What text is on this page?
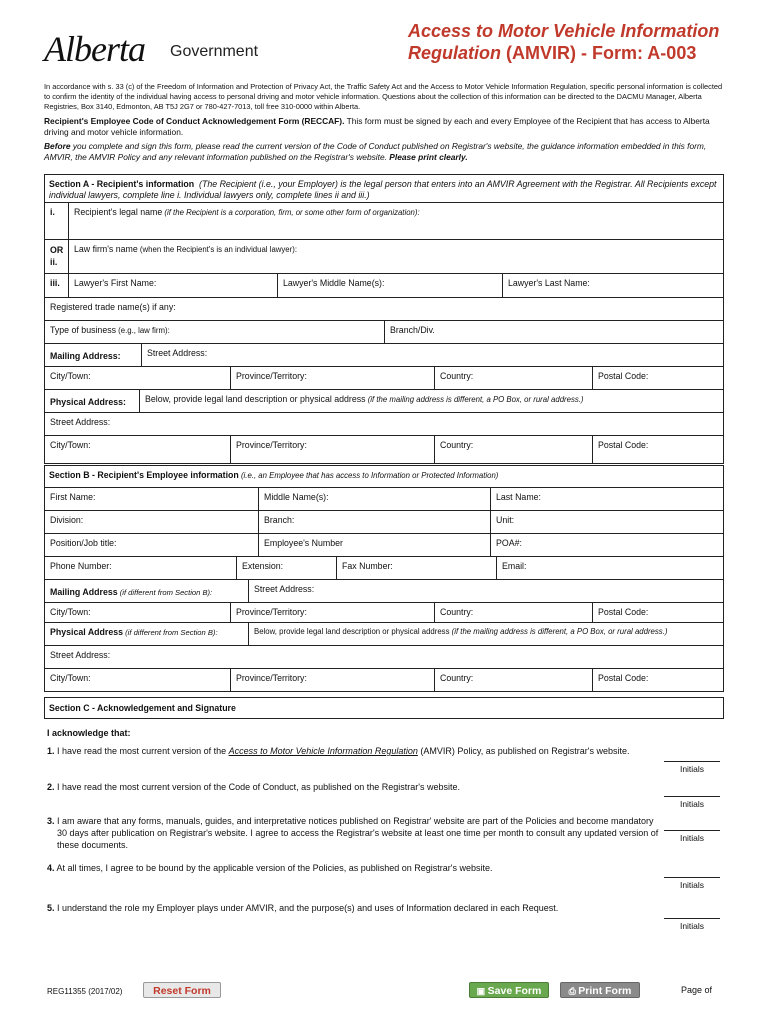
Alberta Government
Access to Motor Vehicle Information
Regulation (AMVIR) - Form: A-003
In accordance with s. 33 (c) of the Freedom of Information and Protection of Privacy Act, the Traffic Safety Act and the Access to Motor Vehicle Information Regulation, specific personal information is collected to confirm the identity of the individual having access to personal driving and motor vehicle information. Questions about the collection of this information can be directed to the DACMU Manager, Alberta Registries, Box 3140, Edmonton, AB T5J 2G7 or 780-427-7013, toll free 310-0000 within Alberta.
Recipient's Employee Code of Conduct Acknowledgement Form (RECCAF). This form must be signed by each and every Employee of the Recipient that has access to Alberta driving and motor vehicle information.
Before you complete and sign this form, please read the current version of the Code of Conduct published on Registrar's website, the guidance information embedded in this form, AMVIR, the AMVIR Policy and any relevant information published on the Registrar's website. Please print clearly.
Section A - Recipient's information (The Recipient (i.e., your Employer) is the legal person that enters into an AMVIR Agreement with the Registrar. All Recipients except individual lawyers, complete line i. Individual lawyers only, complete lines ii and iii.)
i.	Recipient's legal name (if the Recipient is a corporation, firm, or some other form of organization):
OR
ii.
Law firm's name (when the Recipient's is an individual lawyer):
iii.	Lawyer's First Name:	Lawyer's Middle Name(s):	Lawyer's Last Name:
Registered trade name(s) if any:
Type of business (e.g., law firm):	Branch/Div.
Mailing Address:	Street Address:
City/Town:	Province/Territory:	Country:	Postal Code:
Physical Address:	Below, provide legal land description or physical address (if the mailing address is different, a PO Box, or rural address.)
Street Address:
City/Town:	Province/Territory:	Country:	Postal Code:
Section B - Recipient's Employee information (i.e., an Employee that has access to Information or Protected Information)
First Name:	Middle Name(s):	Last Name:
Division:	Branch:	Unit:
Position/Job title:	Employee's Number	POA#:
Phone Number:	Extension:	Fax Number:	Email:
Mailing Address (if different from Section B):	Street Address:
City/Town:	Province/Territory:	Country:	Postal Code:
Physical Address (if different from Section B):	Below, provide legal land description or physical address (if the mailing address is different, a PO Box, or rural address.)
Street Address:
City/Town:	Province/Territory:	Country:	Postal Code:
Section C - Acknowledgement and Signature
I acknowledge that:
1. I have read the most current version of the Access to Motor Vehicle Information Regulation (AMVIR) Policy, as published on Registrar's website.
Initials
2. I have read the most current version of the Code of Conduct, as published on the Registrar's website.
Initials
3. I am aware that any forms, manuals, guides, and interpretative notices published on Registrar' website are part of the Policies and become mandatory 30 days after publication on Registrar's website. I agree to access the Registrar's website at least one time per month to consult any updated version of these documents.
Initials
4. At all times, I agree to be bound by the applicable version of the Policies, as published on Registrar's website.
Initials
5. I understand the role my Employer plays under AMVIR, and the purpose(s) and uses of Information declared in each Request.
Initials
REG11355 (2017/02)	Reset Form	▣ Save Form	⎙ Print Form	Page of
